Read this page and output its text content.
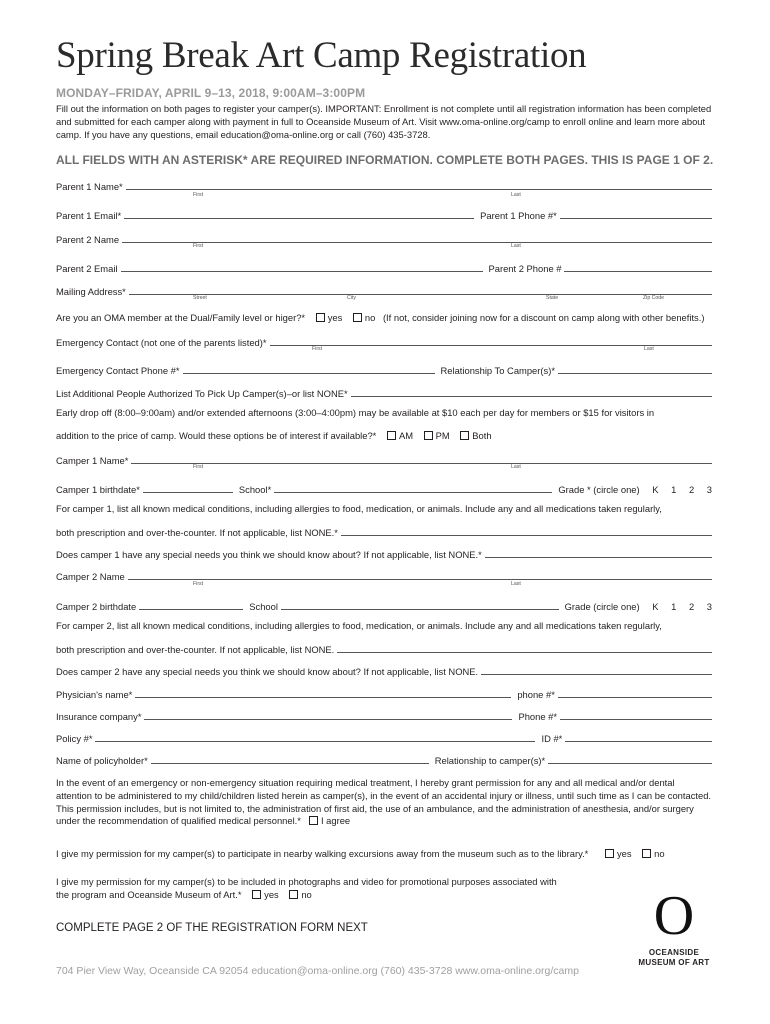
Spring Break Art Camp Registration
MONDAY–FRIDAY, APRIL 9–13, 2018, 9:00AM–3:00PM
Fill out the information on both pages to register your camper(s). IMPORTANT: Enrollment is not complete until all registration information has been completed and submitted for each camper along with payment in full to Oceanside Museum of Art. Visit www.oma-online.org/camp to enroll online and learn more about camp. If you have any questions, email education@oma-online.org or call (760) 435-3728.
ALL FIELDS WITH AN ASTERISK* ARE REQUIRED INFORMATION. COMPLETE BOTH PAGES. THIS IS PAGE 1 OF 2.
Parent 1 Name*
First	Last
Parent 1 Email*	Parent 1 Phone #*
Parent 2 Name
First	Last
Parent 2 Email	Parent 2 Phone #
Mailing Address*
Street	City	State	Zip Code
Are you an OMA member at the Dual/Family level or higer?* yes no (If not, consider joining now for a discount on camp along with other benefits.)
Emergency Contact (not one of the parents listed)*
First	Last
Emergency Contact Phone #*	Relationship To Camper(s)*
List Additional People Authorized To Pick Up Camper(s)–or list NONE*
Early drop off (8:00–9:00am) and/or extended afternoons (3:00–4:00pm) may be available at $10 each per day for members or $15 for visitors in
addition to the price of camp. Would these options be of interest if available?* AM PM Both
Camper 1 Name*
First	Last
Camper 1 birthdate*	School*	Grade * (circle one) K 1 2 3
For camper 1, list all known medical conditions, including allergies to food, medication, or animals. Include any and all medications taken regularly,
both prescription and over-the-counter. If not applicable, list NONE.*
Does camper 1 have any special needs you think we should know about? If not applicable, list NONE.*
Camper 2 Name
First	Last
Camper 2 birthdate	School	Grade (circle one) K 1 2 3
For camper 2, list all known medical conditions, including allergies to food, medication, or animals. Include any and all medications taken regularly,
both prescription and over-the-counter. If not applicable, list NONE.
Does camper 2 have any special needs you think we should know about? If not applicable, list NONE.
Physician's name*	phone #*
Insurance company*	Phone #*
Policy #*	ID #*
Name of policyholder*	Relationship to camper(s)*
In the event of an emergency or non-emergency situation requiring medical treatment, I hereby grant permission for any and all medical and/or dental attention to be administered to my child/children listed herein as camper(s), in the event of an accidental injury or illness, until such time as I can be contacted. This permission includes, but is not limited to, the administration of first aid, the use of an ambulance, and the administration of anesthesia, and/or surgery under the recommendation of qualified medical personnel.* I agree
I give my permission for my camper(s) to participate in nearby walking excursions away from the museum such as to the library.*	yes no
I give my permission for my camper(s) to be included in photographs and video for promotional purposes associated with
the program and Oceanside Museum of Art.* yes no
COMPLETE PAGE 2 OF THE REGISTRATION FORM NEXT
704 Pier View Way, Oceanside CA 92054 education@oma-online.org (760) 435-3728 www.oma-online.org/camp
O
OCEANSIDE
MUSEUM OF ART
